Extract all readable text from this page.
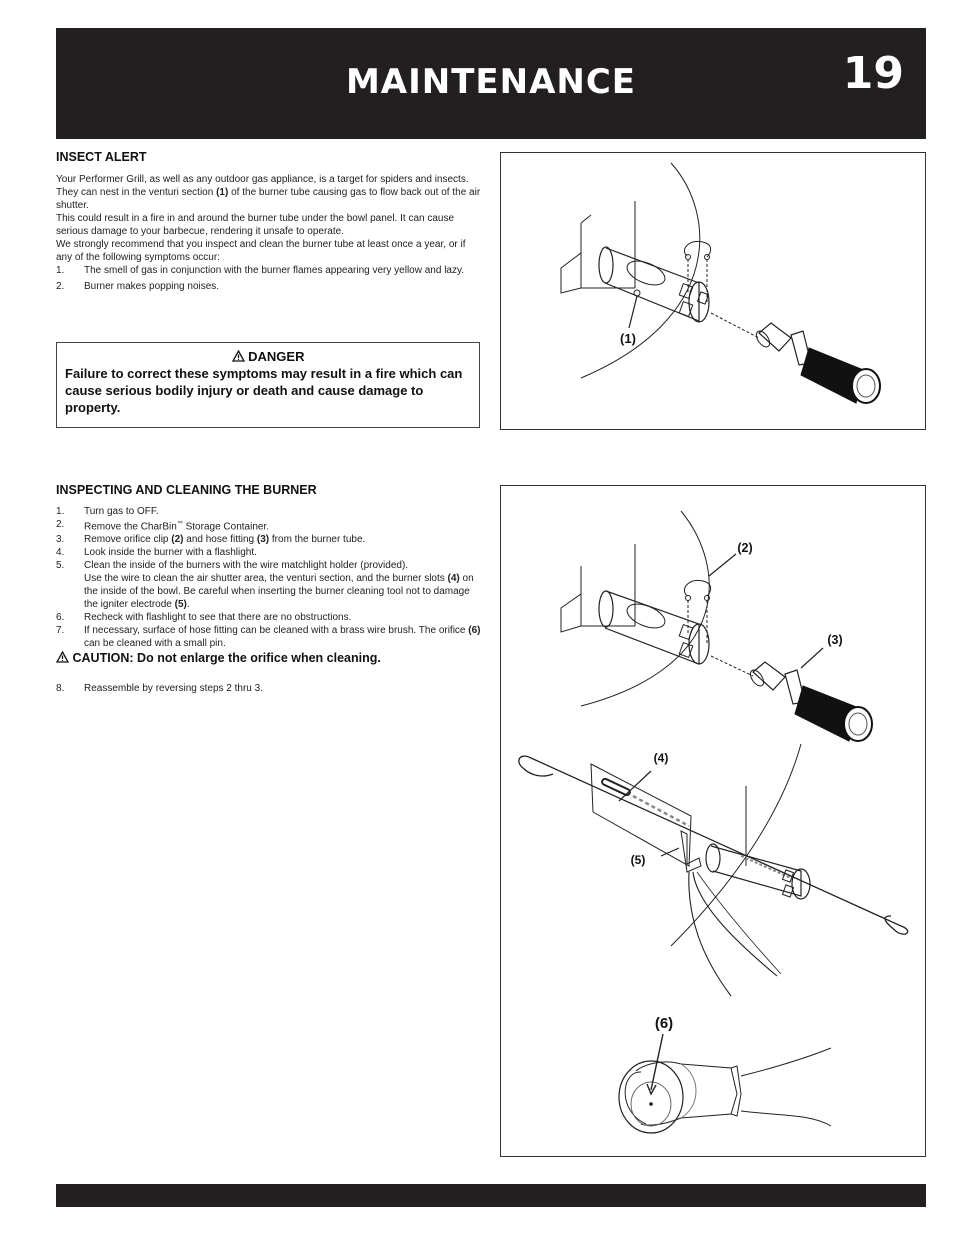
MAINTENANCE	19
INSECT ALERT

Your Performer Grill, as well as any outdoor gas appliance, is a target for spiders and insects. They can nest in the venturi section (1) of the burner tube causing gas to flow back out of the air shutter.

This could result in a fire in and around the burner tube under the bowl panel. It can cause serious damage to your barbecue, rendering it unsafe to operate.

We strongly recommend that you inspect and clean the burner tube at least once a year, or if any of the following symptoms occur:

1. The smell of gas in conjunction with the burner flames appearing very yellow and lazy.
2. Burner makes popping noises.
DANGER
Failure to correct these symptoms may result in a fire which can cause serious bodily injury or death and cause damage to property.
(1)
INSPECTING AND CLEANING THE BURNER
1. Turn gas to OFF.
2. Remove the CharBin™ Storage Container.
3. Remove orifice clip (2) and hose fitting (3) from the burner tube.
4. Look inside the burner with a flashlight.
5. Clean the inside of the burners with the wire matchlight holder (provided).
Use the wire to clean the air shutter area, the venturi section, and the burner slots (4) on the inside of the bowl. Be careful when inserting the burner cleaning tool not to damage the igniter electrode (5).
6. Recheck with flashlight to see that there are no obstructions.
7. If necessary, surface of hose fitting can be cleaned with a brass wire brush. The orifice (6) can be cleaned with a small pin.
CAUTION: Do not enlarge the orifice when cleaning.
8. Reassemble by reversing steps 2 thru 3.
(2)
(3)
(4)
(5)
(6)
